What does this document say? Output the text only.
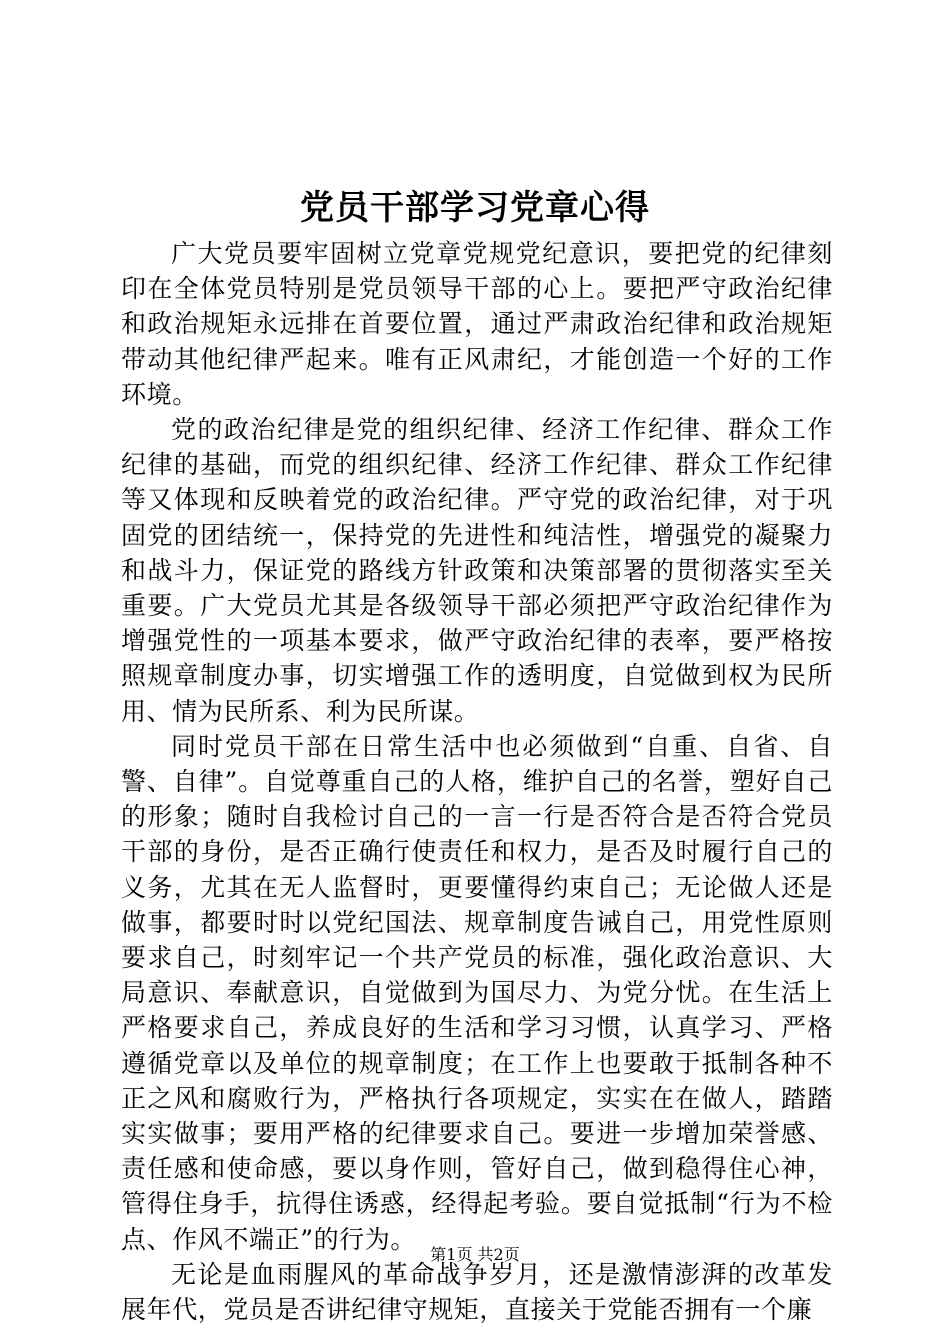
党员干部学习党章心得

广大党员要牢固树立党章党规党纪意识，要把党的纪律刻印在全体党员特别是党员领导干部的心上。要把严守政治纪律和政治规矩永远排在首要位置，通过严肃政治纪律和政治规矩带动其他纪律严起来。唯有正风肃纪，才能创造一个好的工作环境。

党的政治纪律是党的组织纪律、经济工作纪律、群众工作纪律的基础，而党的组织纪律、经济工作纪律、群众工作纪律等又体现和反映着党的政治纪律。严守党的政治纪律，对于巩固党的团结统一，保持党的先进性和纯洁性，增强党的凝聚力和战斗力，保证党的路线方针政策和决策部署的贯彻落实至关重要。广大党员尤其是各级领导干部必须把严守政治纪律作为增强党性的一项基本要求，做严守政治纪律的表率，要严格按照规章制度办事，切实增强工作的透明度，自觉做到权为民所用、情为民所系、利为民所谋。

同时党员干部在日常生活中也必须做到“自重、自省、自警、自律”。自觉尊重自己的人格，维护自己的名誉，塑好自己的形象；随时自我检讨自己的一言一行是否符合是否符合党员干部的身份，是否正确行使责任和权力，是否及时履行自己的义务，尤其在无人监督时，更要懂得约束自己；无论做人还是做事，都要时时以党纪国法、规章制度告诫自己，用党性原则要求自己，时刻牢记一个共产党员的标准，强化政治意识、大局意识、奉献意识，自觉做到为国尽力、为党分忧。在生活上严格要求自己，养成良好的生活和学习习惯，认真学习、严格遵循党章以及单位的规章制度；在工作上也要敢于抵制各种不正之风和腐败行为，严格执行各项规定，实实在在做人，踏踏实实做事；要用严格的纪律要求自己。要进一步增加荣誉感、责任感和使命感，要以身作则，管好自己，做到稳得住心神，管得住身手，抗得住诱惑，经得起考验。要自觉抵制“行为不检点、作风不端正”的行为。

无论是血雨腥风的革命战争岁月，还是激情澎湃的改革发展年代，党员是否讲纪律守规矩，直接关于党能否拥有一个廉

第1页 共2页
